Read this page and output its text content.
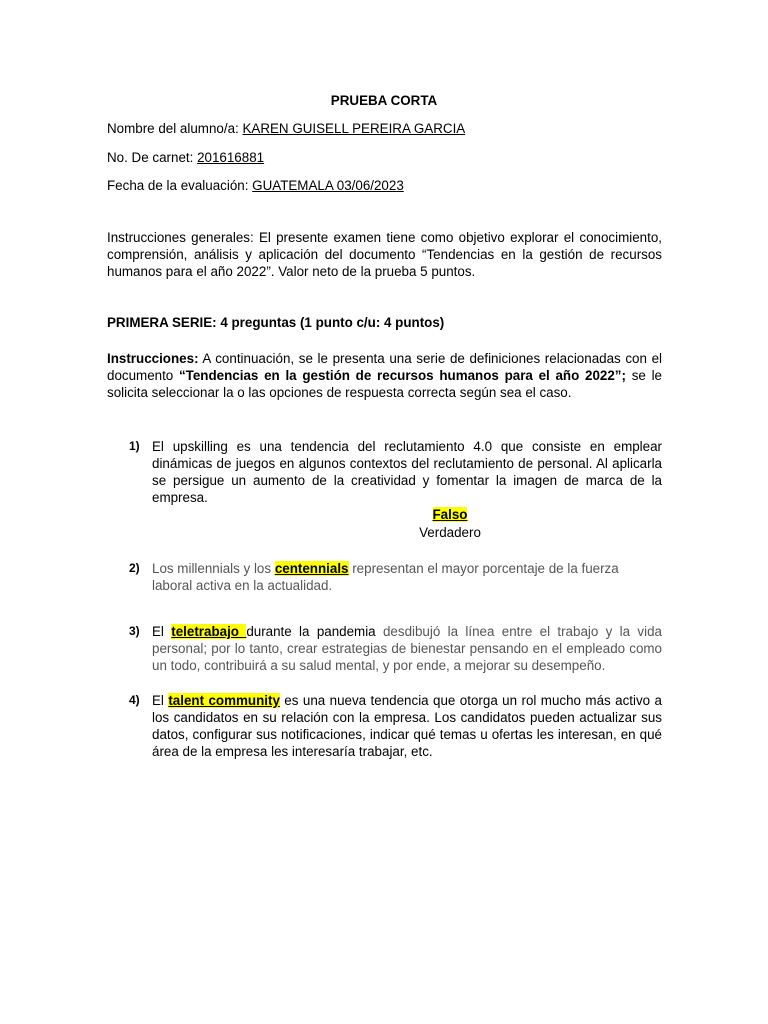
PRUEBA CORTA
Nombre del alumno/a: KAREN GUISELL PEREIRA GARCIA
No. De carnet: 201616881
Fecha de la evaluación: GUATEMALA 03/06/2023
Instrucciones generales: El presente examen tiene como objetivo explorar el conocimiento, comprensión, análisis y aplicación del documento “Tendencias en la gestión de recursos humanos para el año 2022”. Valor neto de la prueba 5 puntos.
PRIMERA SERIE: 4 preguntas (1 punto c/u: 4 puntos)
Instrucciones: A continuación, se le presenta una serie de definiciones relacionadas con el documento “Tendencias en la gestión de recursos humanos para el año 2022”; se le solicita seleccionar la o las opciones de respuesta correcta según sea el caso.
1) El upskilling es una tendencia del reclutamiento 4.0 que consiste en emplear dinámicas de juegos en algunos contextos del reclutamiento de personal. Al aplicarla se persigue un aumento de la creatividad y fomentar la imagen de marca de la empresa.
Falso
Verdadero
2) Los millennials y los centennials representan el mayor porcentaje de la fuerza laboral activa en la actualidad.
3) El teletrabajo durante la pandemia desdibujó la línea entre el trabajo y la vida personal; por lo tanto, crear estrategias de bienestar pensando en el empleado como un todo, contribuirá a su salud mental, y por ende, a mejorar su desempeño.
4) El talent community es una nueva tendencia que otorga un rol mucho más activo a los candidatos en su relación con la empresa. Los candidatos pueden actualizar sus datos, configurar sus notificaciones, indicar qué temas u ofertas les interesan, en qué área de la empresa les interesaría trabajar, etc.
